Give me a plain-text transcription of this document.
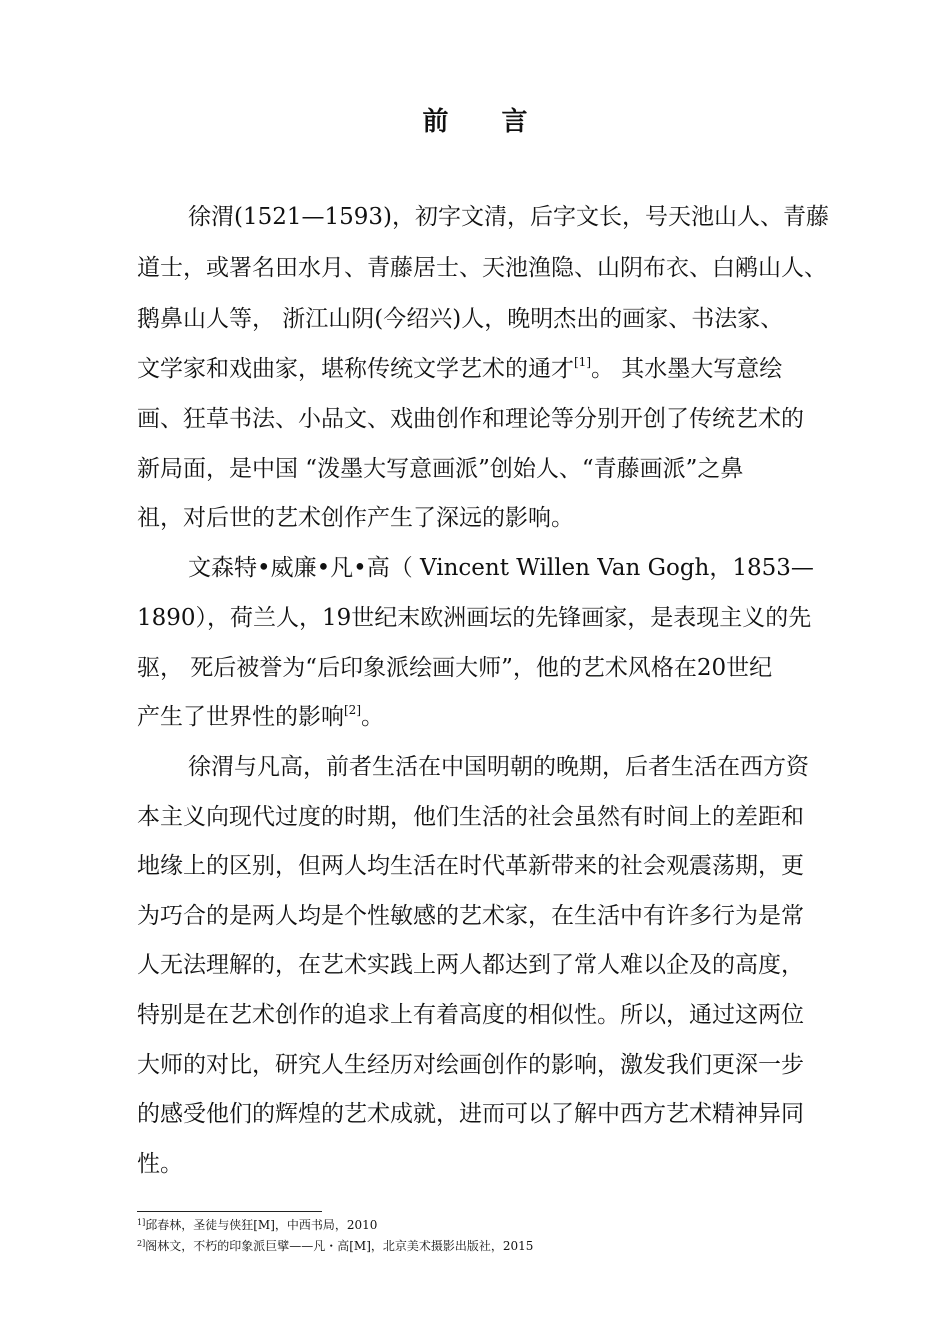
前 言
徐渭(1521—1593)，初字文清，后字文长，号天池山人、青藤
道士，或署名田水月、青藤居士、天池渔隐、山阴布衣、白鹇山人、
鹅鼻山人等， 浙江山阴(今绍兴)人，晚明杰出的画家、书法家、
文学家和戏曲家，堪称传统文学艺术的通才[1]。 其水墨大写意绘
画、狂草书法、小品文、戏曲创作和理论等分别开创了传统艺术的
新局面，是中国 “泼墨大写意画派”创始人、“青藤画派”之鼻
祖，对后世的艺术创作产生了深远的影响。
文森特•威廉•凡•高（ Vincent Willen Van Gogh，1853—
1890），荷兰人，19世纪末欧洲画坛的先锋画家，是表现主义的先
驱， 死后被誉为“后印象派绘画大师”，他的艺术风格在20世纪
产生了世界性的影响[2]。
徐渭与凡高，前者生活在中国明朝的晚期，后者生活在西方资
本主义向现代过度的时期，他们生活的社会虽然有时间上的差距和
地缘上的区别，但两人均生活在时代革新带来的社会观震荡期，更
为巧合的是两人均是个性敏感的艺术家，在生活中有许多行为是常
人无法理解的，在艺术实践上两人都达到了常人难以企及的高度，
特别是在艺术创作的追求上有着高度的相似性。所以，通过这两位
大师的对比，研究人生经历对绘画创作的影响，激发我们更深一步
的感受他们的辉煌的艺术成就，进而可以了解中西方艺术精神异同
性。
$^{1]}$邱春林，圣徒与侠狂[M]，中西书局，2010
$^{2]}$阁林文，不朽的印象派巨擘——凡・高[M]，北京美术摄影出版社，2015
